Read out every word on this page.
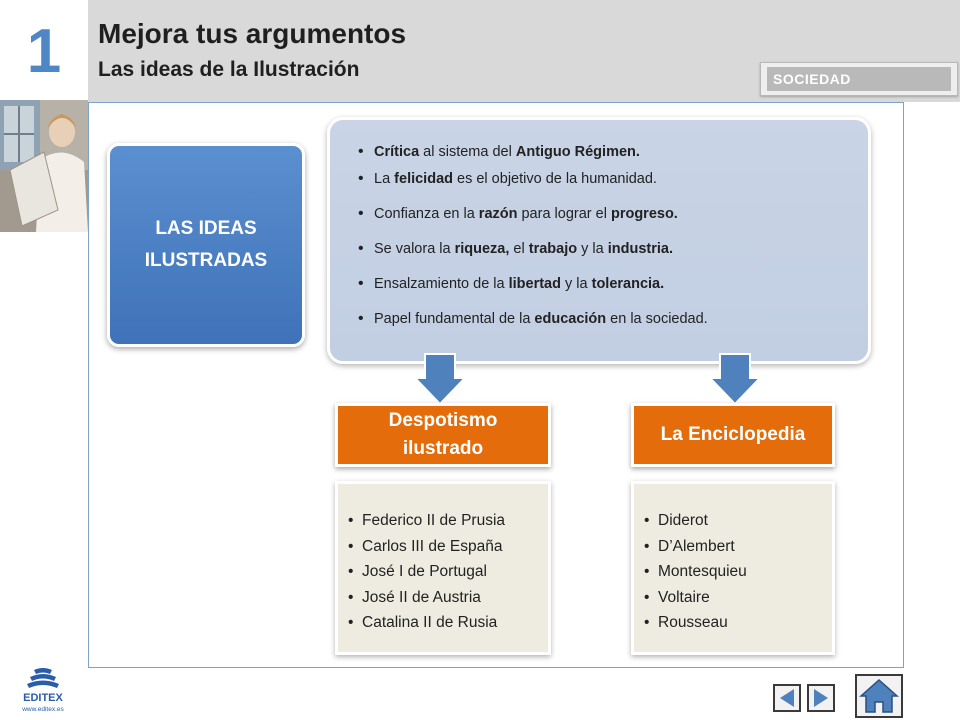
1	Mejora tus argumentos
Las ideas de la Ilustración	SOCIEDAD
LAS IDEAS
ILUSTRADAS
• Crítica al sistema del Antiguo Régimen.
• La felicidad es el objetivo de la humanidad.
• Confianza en la razón para lograr el progreso.
• Se valora la riqueza, el trabajo y la industria.
• Ensalzamiento de la libertad y la tolerancia.
• Papel fundamental de la educación en la sociedad.
Despotismo
ilustrado
La Enciclopedia
• Federico II de Prusia
• Carlos III de España
• José I de Portugal
• José II de Austria
• Catalina II de Rusia
• Diderot
• D’Alembert
• Montesquieu
• Voltaire
• Rousseau
EDITEX
www.editex.es
